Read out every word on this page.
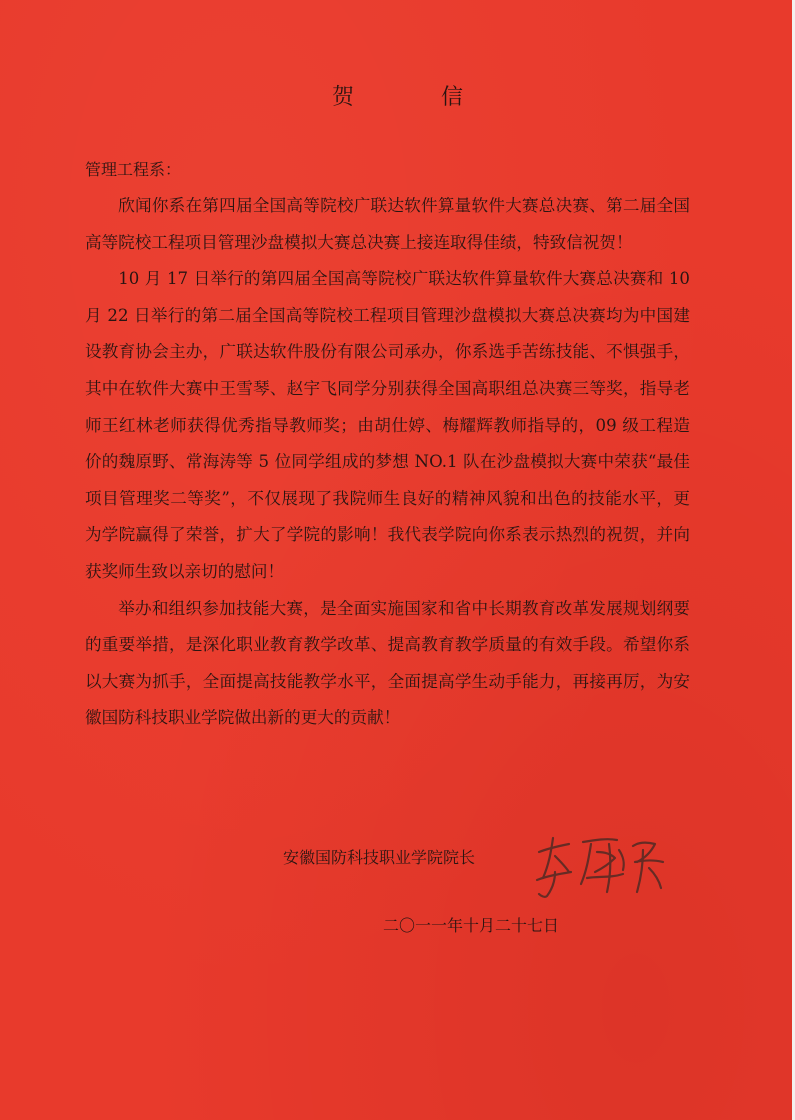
贺 信
管理工程系：

欣闻你系在第四届全国高等院校广联达软件算量软件大赛总决赛、第二届全国高等院校工程项目管理沙盘模拟大赛总决赛上接连取得佳绩，特致信祝贺！

10 月 17 日举行的第四届全国高等院校广联达软件算量软件大赛总决赛和 10 月 22 日举行的第二届全国高等院校工程项目管理沙盘模拟大赛总决赛均为中国建设教育协会主办，广联达软件股份有限公司承办，你系选手苦练技能、不惧强手，其中在软件大赛中王雪琴、赵宇飞同学分别获得全国高职组总决赛三等奖，指导老师王红林老师获得优秀指导教师奖；由胡仕婷、梅耀辉教师指导的，09 级工程造价的魏原野、常海涛等 5 位同学组成的梦想 NO.1 队在沙盘模拟大赛中荣获“最佳项目管理奖二等奖”，不仅展现了我院师生良好的精神风貌和出色的技能水平，更为学院赢得了荣誉，扩大了学院的影响！我代表学院向你系表示热烈的祝贺，并向获奖师生致以亲切的慰问！

举办和组织参加技能大赛，是全面实施国家和省中长期教育改革发展规划纲要的重要举措，是深化职业教育教学改革、提高教育教学质量的有效手段。希望你系以大赛为抓手，全面提高技能教学水平，全面提高学生动手能力，再接再厉，为安徽国防科技职业学院做出新的更大的贡献！

安徽国防科技职业学院院长
二〇一一年十月二十七日
